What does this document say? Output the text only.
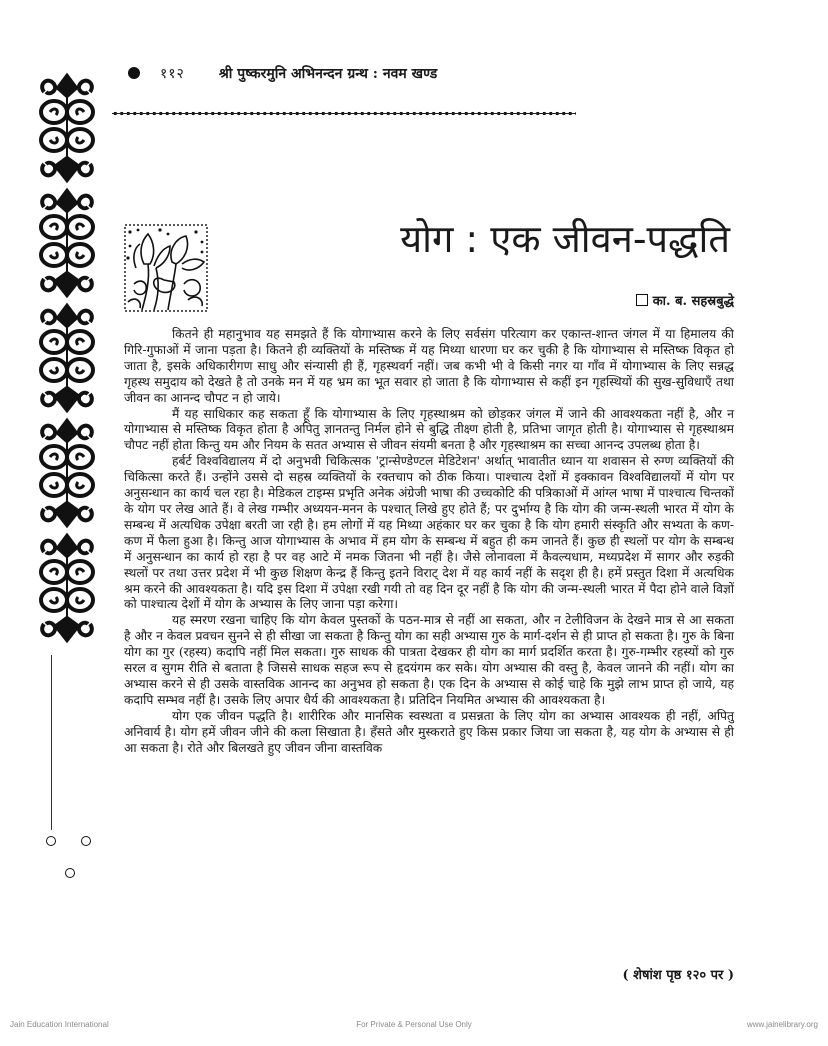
११२ श्री पुष्करमुनि अभिनन्दन ग्रन्थ : नवम खण्ड
योग : एक जीवन-पद्धति
का. ब. सहस्रबुद्धे

कितने ही महानुभाव यह समझते हैं कि योगाभ्यास करने के लिए सर्वसंग परित्याग कर एकान्त-शान्त जंगल में या हिमालय की गिरि-गुफाओं में जाना पड़ता है। कितने ही व्यक्तियों के मस्तिष्क में यह मिथ्या धारणा घर कर चुकी है कि योगाभ्यास से मस्तिष्क विकृत हो जाता है, इसके अधिकारीगण साधु और संन्यासी ही हैं, गृहस्थवर्ग नहीं। जब कभी भी वे किसी नगर या गाँव में योगाभ्यास के लिए सन्नद्ध गृहस्थ समुदाय को देखते है तो उनके मन में यह भ्रम का भूत सवार हो जाता है कि योगाभ्यास से कहीं इन गृहस्थियों की सुख-सुविधाएँ तथा जीवन का आनन्द चौपट न हो जाये।

मैं यह साधिकार कह सकता हूँ कि योगाभ्यास के लिए गृहस्थाश्रम को छोड़कर जंगल में जाने की आवश्यकता नहीं है, और न योगाभ्यास से मस्तिष्क विकृत होता है अपितु ज्ञानतन्तु निर्मल होने से बुद्धि तीक्ष्ण होती है, प्रतिभा जागृत होती है। योगाभ्यास से गृहस्थाश्रम चौपट नहीं होता किन्तु यम और नियम के सतत अभ्यास से जीवन संयमी बनता है और गृहस्थाश्रम का सच्चा आनन्द उपलब्ध होता है।

हर्बर्ट विश्वविद्यालय में दो अनुभवी चिकित्सक 'ट्रान्सेण्डेण्टल मेडिटेशन' अर्थात् भावातीत ध्यान या शवासन से रुग्ण व्यक्तियों की चिकित्सा करते हैं। उन्होंने उससे दो सहस्र व्यक्तियों के रक्तचाप को ठीक किया। पाश्चात्य देशों में इक्कावन विश्वविद्यालयों में योग पर अनुसन्धान का कार्य चल रहा है। मेडिकल टाइम्स प्रभृति अनेक अंग्रेजी भाषा की उच्चकोटि की पत्रिकाओं में आंग्ल भाषा में पाश्चात्य चिन्तकों के योग पर लेख आते हैं। वे लेख गम्भीर अध्ययन-मनन के पश्चात् लिखे हुए होते हैं; पर दुर्भाग्य है कि योग की जन्म-स्थली भारत में योग के सम्बन्ध में अत्यधिक उपेक्षा बरती जा रही है। हम लोगों में यह मिथ्या अहंकार घर कर चुका है कि योग हमारी संस्कृति और सभ्यता के कण-कण में फैला हुआ है। किन्तु आज योगाभ्यास के अभाव में हम योग के सम्बन्ध में बहुत ही कम जानते हैं। कुछ ही स्थलों पर योग के सम्बन्ध में अनुसन्धान का कार्य हो रहा है पर वह आटे में नमक जितना भी नहीं है। जैसे लोनावला में कैवल्यधाम, मध्यप्रदेश में सागर और रुड़की स्थलों पर तथा उत्तर प्रदेश में भी कुछ शिक्षण केन्द्र हैं किन्तु इतने विराट् देश में यह कार्य नहीं के सदृश ही है। हमें प्रस्तुत दिशा में अत्यधिक श्रम करने की आवश्यकता है। यदि इस दिशा में उपेक्षा रखी गयी तो वह दिन दूर नहीं है कि योग की जन्म-स्थली भारत में पैदा होने वाले विज्ञों को पाश्चात्य देशों में योग के अभ्यास के लिए जाना पड़ा करेगा।

यह स्मरण रखना चाहिए कि योग केवल पुस्तकों के पठन-मात्र से नहीं आ सकता, और न टेलीविजन के देखने मात्र से आ सकता है और न केवल प्रवचन सुनने से ही सीखा जा सकता है किन्तु योग का सही अभ्यास गुरु के मार्ग-दर्शन से ही प्राप्त हो सकता है। गुरु के बिना योग का गुर (रहस्य) कदापि नहीं मिल सकता। गुरु साधक की पात्रता देखकर ही योग का मार्ग प्रदर्शित करता है। गुरु-गम्भीर रहस्यों को गुरु सरल व सुगम रीति से बताता है जिससे साधक सहज रूप से हृदयंगम कर सके। योग अभ्यास की वस्तु है, केवल जानने की नहीं। योग का अभ्यास करने से ही उसके वास्तविक आनन्द का अनुभव हो सकता है। एक दिन के अभ्यास से कोई चाहे कि मुझे लाभ प्राप्त हो जाये, यह कदापि सम्भव नहीं है। उसके लिए अपार धैर्य की आवश्यकता है। प्रतिदिन नियमित अभ्यास की आवश्यकता है।

योग एक जीवन पद्धति है। शारीरिक और मानसिक स्वस्थता व प्रसन्नता के लिए योग का अभ्यास आवश्यक ही नहीं, अपितु अनिवार्य है। योग हमें जीवन जीने की कला सिखाता है। हँसते और मुस्कराते हुए किस प्रकार जिया जा सकता है, यह योग के अभ्यास से ही आ सकता है। रोते और बिलखते हुए जीवन जीना वास्तविक

( शेषांश पृष्ठ १२० पर )
Jain Education International	For Private & Personal Use Only	www.jainelibrary.org
